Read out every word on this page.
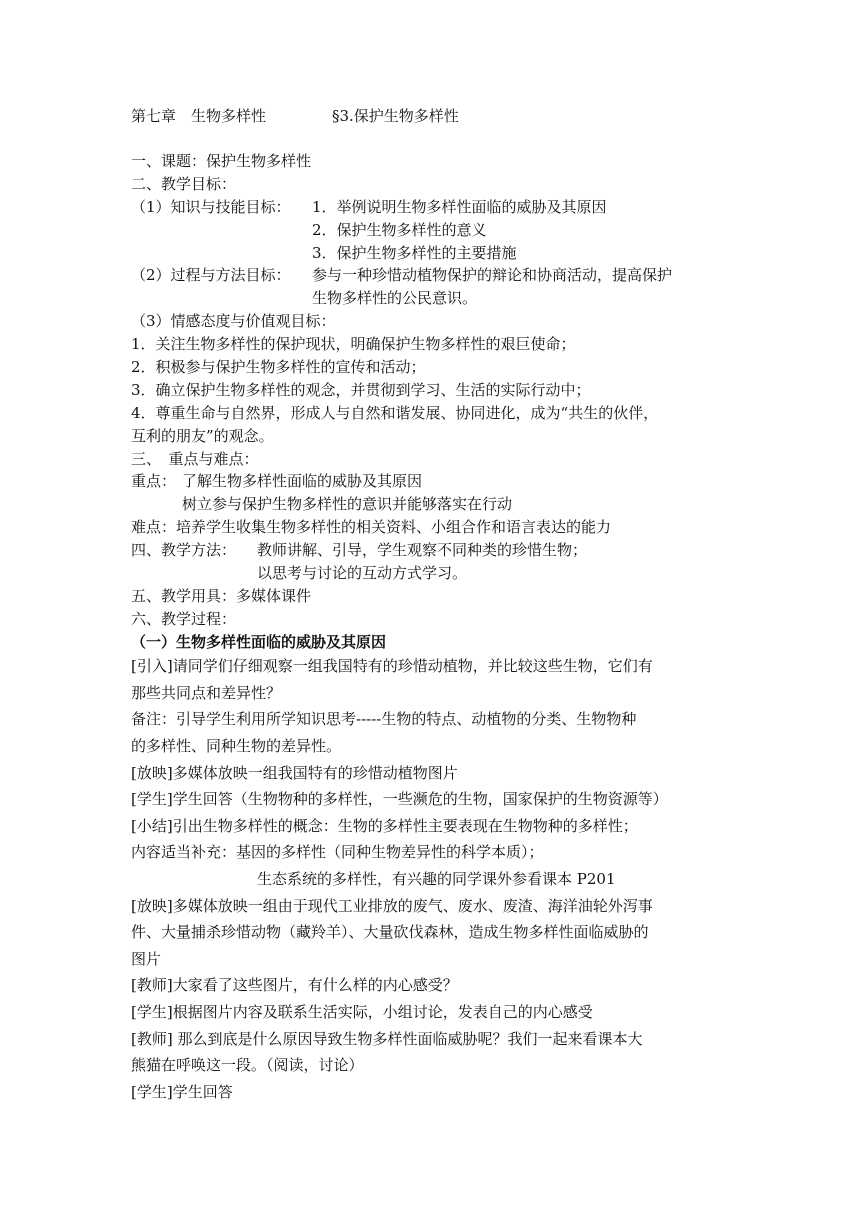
第七章　生物多样性	§3.保护生物多样性
一、课题：保护生物多样性
二、教学目标：
（1）知识与技能目标： 1．举例说明生物多样性面临的威胁及其原因
2．保护生物多样性的意义
3．保护生物多样性的主要措施
（2）过程与方法目标： 参与一种珍惜动植物保护的辩论和协商活动，提高保护
生物多样性的公民意识。
（3）情感态度与价值观目标：
1．关注生物多样性的保护现状，明确保护生物多样性的艰巨使命；
2．积极参与保护生物多样性的宣传和活动；
3．确立保护生物多样性的观念，并贯彻到学习、生活的实际行动中；
4．尊重生命与自然界，形成人与自然和谐发展、协同进化，成为“共生的伙伴，
互利的朋友”的观念。
三、　重点与难点：
重点： 了解生物多样性面临的威胁及其原因
树立参与保护生物多样性的意识并能够落实在行动
难点：培养学生收集生物多样性的相关资料、小组合作和语言表达的能力
四、教学方法： 教师讲解、引导，学生观察不同种类的珍惜生物；
以思考与讨论的互动方式学习。
五、教学用具：多媒体课件
六、教学过程：
（一）生物多样性面临的威胁及其原因
[引入]请同学们仔细观察一组我国特有的珍惜动植物，并比较这些生物，它们有
那些共同点和差异性？
备注：引导学生利用所学知识思考-----生物的特点、动植物的分类、生物物种
的多样性、同种生物的差异性。
[放映]多媒体放映一组我国特有的珍惜动植物图片
[学生]学生回答（生物物种的多样性，一些濒危的生物，国家保护的生物资源等）
[小结]引出生物多样性的概念：生物的多样性主要表现在生物物种的多样性；
内容适当补充：基因的多样性（同种生物差异性的科学本质）；
生态系统的多样性，有兴趣的同学课外参看课本 P201
[放映]多媒体放映一组由于现代工业排放的废气、废水、废渣、海洋油轮外泻事
件、大量捕杀珍惜动物（藏羚羊）、大量砍伐森林，造成生物多样性面临威胁的
图片
[教师]大家看了这些图片，有什么样的内心感受？
[学生]根据图片内容及联系生活实际，小组讨论，发表自己的内心感受
[教师] 那么到底是什么原因导致生物多样性面临威胁呢？我们一起来看课本大
熊猫在呼唤这一段。（阅读，讨论）
[学生]学生回答
